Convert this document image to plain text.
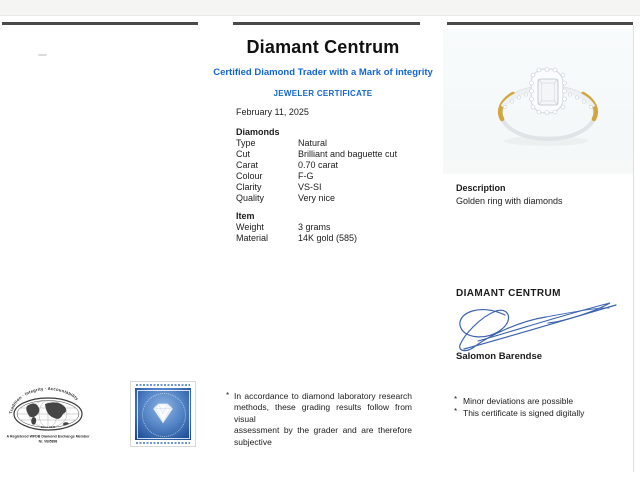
Diamant Centrum
Certified Diamond Trader with a Mark of integrity
JEWELER CERTIFICATE
February 11, 2025
Diamonds
Type	Natural
Cut	Brilliant and baguette cut
Carat	0.70 carat
Colour	F-G
Clarity	VS-SI
Quality	Very nice
Item
Weight	3 grams
Material	14K gold (585)
Description
Golden ring with diamonds
DIAMANT CENTRUM
Salomon Barendse
* In accordance to diamond laboratory research
methods, these grading results follow from visual
assessment by the grader and are therefore
subjective
* Minor deviations are possible
* This certificate is signed digitally
Tradition · Integrity · Accountability
Since 1947
A Registered WFDB Diamond Exchange Member
Nr. VB/5898
